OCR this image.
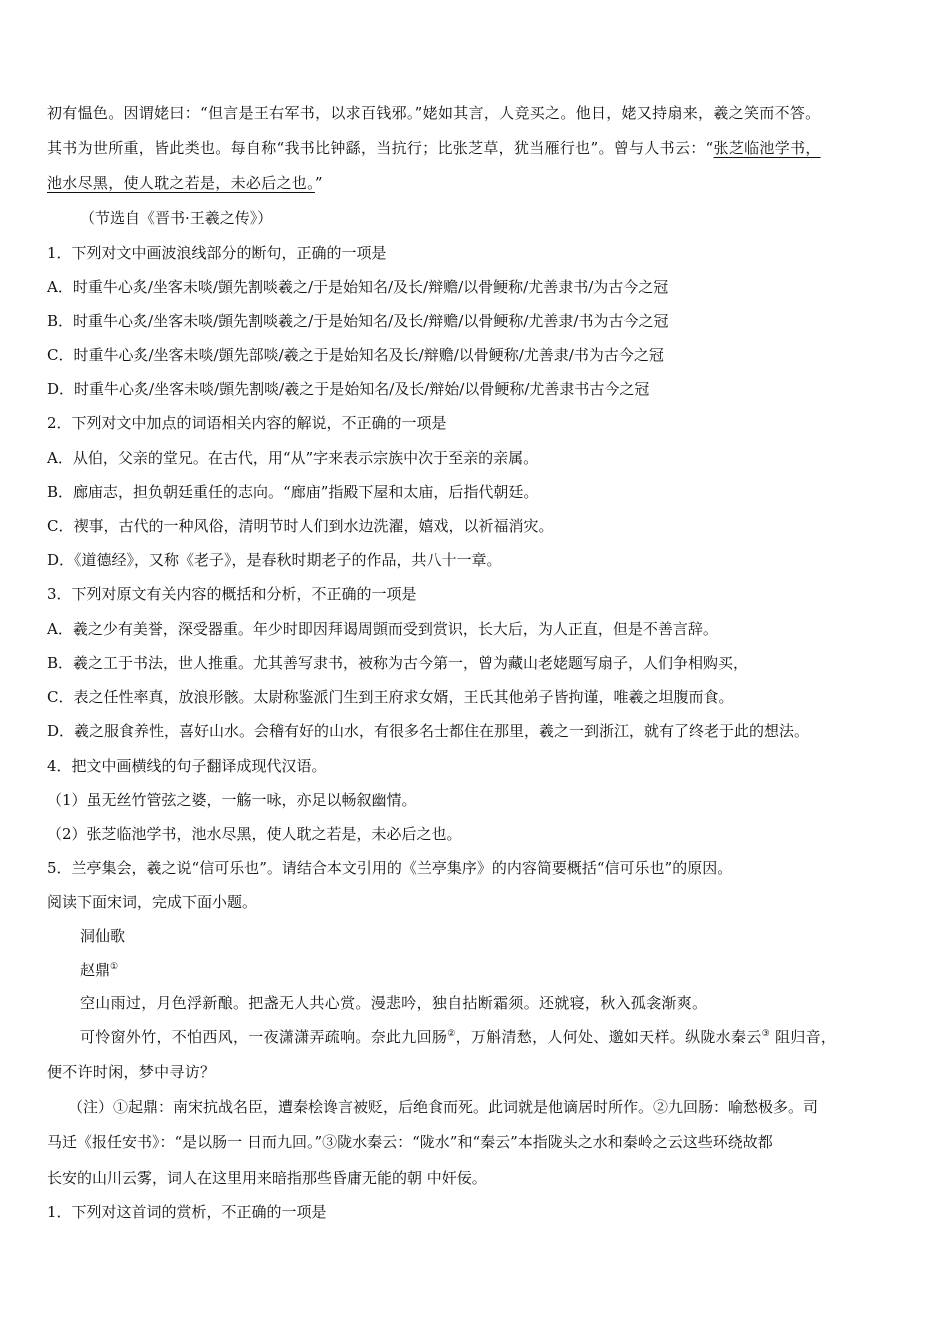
初有愠色。因谓姥曰：“但言是王右军书，以求百钱邪。”姥如其言，人竞买之。他日，姥又持扇来，羲之笑而不答。
其书为世所重，皆此类也。每自称“我书比钟繇，当抗行；比张芝草，犹当雁行也”。曾与人书云：“张芝临池学书，
池水尽黑，使人耽之若是，未必后之也。”
（节选自《晋书·王羲之传》）
1．下列对文中画波浪线部分的断句，正确的一项是
A．时重牛心炙/坐客未啖/顗先割啖羲之/于是始知名/及长/辩赡/以骨鲠称/尤善隶书/为古今之冠
B．时重牛心炙/坐客未啖/顗先割啖羲之/于是始知名/及长/辩赡/以骨鲠称/尤善隶/书为古今之冠
C．时重牛心炙/坐客未啖/顗先部啖/羲之于是始知名及长/辩赡/以骨鲠称/尤善隶/书为古今之冠
D．时重牛心炙/坐客未啖/顗先割啖/羲之于是始知名/及长/辩始/以骨鲠称/尤善隶书古今之冠
2．下列对文中加点的词语相关内容的解说，不正确的一项是
A．从伯，父亲的堂兄。在古代，用“从”字来表示宗族中次于至亲的亲属。
B．廊庙志，担负朝廷重任的志向。“廊庙”指殿下屋和太庙，后指代朝廷。
C．禊事，古代的一种风俗，清明节时人们到水边洗濯，嬉戏，以祈福消灾。
D．《道德经》，又称《老子》，是春秋时期老子的作品，共八十一章。
3．下列对原文有关内容的概括和分析，不正确的一项是
A．羲之少有美誉，深受器重。年少时即因拜谒周顗而受到赏识，长大后，为人正直，但是不善言辞。
B．羲之工于书法，世人推重。尤其善写隶书，被称为古今第一，曾为藏山老姥题写扇子，人们争相购买，
C．表之任性率真，放浪形骸。太尉称鉴派门生到王府求女婿，王氏其他弟子皆拘谨，唯羲之坦腹而食。
D．羲之服食养性，喜好山水。会稽有好的山水，有很多名士都住在那里，羲之一到浙江，就有了终老于此的想法。
4．把文中画横线的句子翻译成现代汉语。
（1）虽无丝竹管弦之婆，一觞一咏，亦足以畅叙幽情。
（2）张芝临池学书，池水尽黑，使人耽之若是，未必后之也。
5．兰亭集会，羲之说“信可乐也”。请结合本文引用的《兰亭集序》的内容简要概括“信可乐也”的原因。
阅读下面宋词，完成下面小题。
洞仙歌
赵鼎①
空山雨过，月色浮新酿。把盏无人共心赏。漫悲吟，独自拈断霜须。还就寝，秋入孤衾渐爽。
可怜窗外竹，不怕西风，一夜潇潇弄疏响。奈此九回肠②，万斛清愁，人何处、邈如天样。纵陇水秦云③ 阻归音，
便不许时闲，梦中寻访？
（注）①起鼎：南宋抗战名臣，遭秦桧谗言被贬，后绝食而死。此词就是他谪居时所作。②九回肠：喻愁极多。司
马迁《报任安书》：“是以肠一 日而九回。”③陇水秦云：“陇水”和“秦云”本指陇头之水和秦岭之云这些环绕故都
长安的山川云雾，词人在这里用来暗指那些昏庸无能的朝 中奸佞。
1．下列对这首词的赏析，不正确的一项是
